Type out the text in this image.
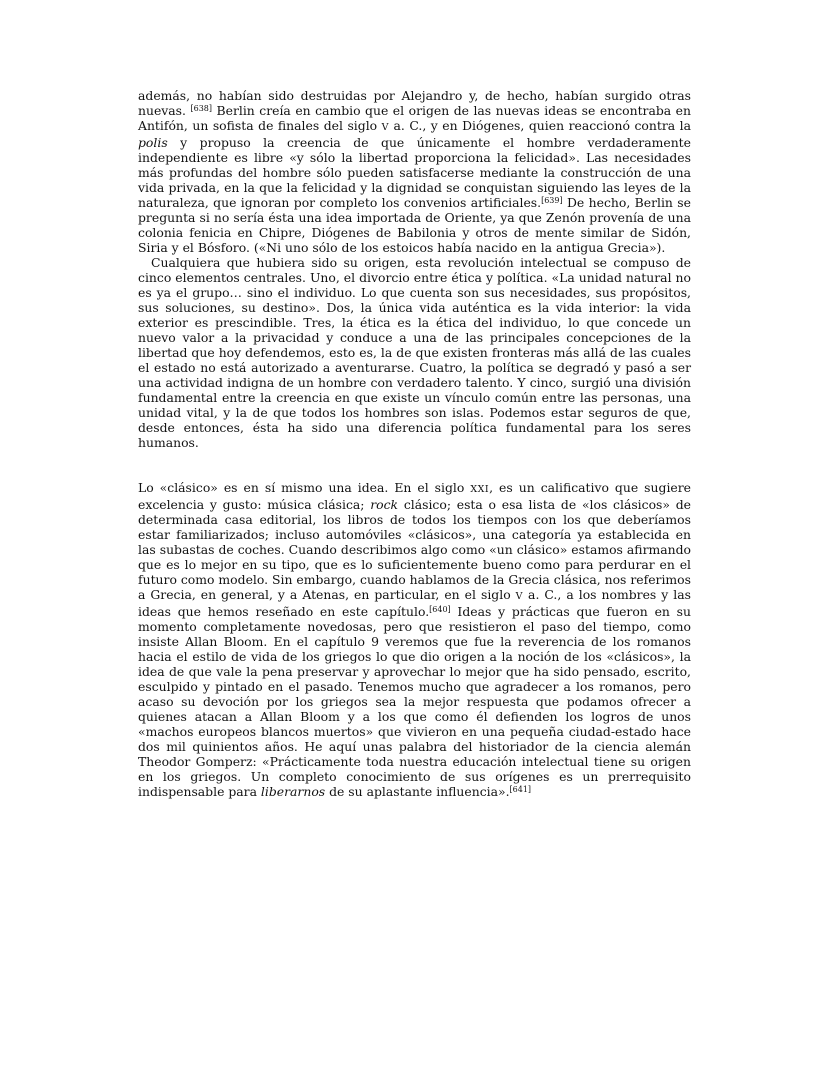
además, no habían sido destruidas por Alejandro y, de hecho, habían surgido otras nuevas. [638] Berlin creía en cambio que el origen de las nuevas ideas se encontraba en Antifón, un sofista de finales del siglo V a. C., y en Diógenes, quien reaccionó contra la polis y propuso la creencia de que únicamente el hombre verdaderamente independiente es libre «y sólo la libertad proporciona la felicidad». Las necesidades más profundas del hombre sólo pueden satisfacerse mediante la construcción de una vida privada, en la que la felicidad y la dignidad se conquistan siguiendo las leyes de la naturaleza, que ignoran por completo los convenios artificiales.[639] De hecho, Berlin se pregunta si no sería ésta una idea importada de Oriente, ya que Zenón provenía de una colonia fenicia en Chipre, Diógenes de Babilonia y otros de mente similar de Sidón, Siria y el Bósforo. («Ni uno sólo de los estoicos había nacido en la antigua Grecia»).

Cualquiera que hubiera sido su origen, esta revolución intelectual se compuso de cinco elementos centrales. Uno, el divorcio entre ética y política. «La unidad natural no es ya el grupo… sino el individuo. Lo que cuenta son sus necesidades, sus propósitos, sus soluciones, su destino». Dos, la única vida auténtica es la vida interior: la vida exterior es prescindible. Tres, la ética es la ética del individuo, lo que concede un nuevo valor a la privacidad y conduce a una de las principales concepciones de la libertad que hoy defendemos, esto es, la de que existen fronteras más allá de las cuales el estado no está autorizado a aventurarse. Cuatro, la política se degradó y pasó a ser una actividad indigna de un hombre con verdadero talento. Y cinco, surgió una división fundamental entre la creencia en que existe un vínculo común entre las personas, una unidad vital, y la de que todos los hombres son islas. Podemos estar seguros de que, desde entonces, ésta ha sido una diferencia política fundamental para los seres humanos.

Lo «clásico» es en sí mismo una idea. En el siglo XXI, es un calificativo que sugiere excelencia y gusto: música clásica; rock clásico; esta o esa lista de «los clásicos» de determinada casa editorial, los libros de todos los tiempos con los que deberíamos estar familiarizados; incluso automóviles «clásicos», una categoría ya establecida en las subastas de coches. Cuando describimos algo como «un clásico» estamos afirmando que es lo mejor en su tipo, que es lo suficientemente bueno como para perdurar en el futuro como modelo. Sin embargo, cuando hablamos de la Grecia clásica, nos referimos a Grecia, en general, y a Atenas, en particular, en el siglo V a. C., a los nombres y las ideas que hemos reseñado en este capítulo.[640] Ideas y prácticas que fueron en su momento completamente novedosas, pero que resistieron el paso del tiempo, como insiste Allan Bloom. En el capítulo 9 veremos que fue la reverencia de los romanos hacia el estilo de vida de los griegos lo que dio origen a la noción de los «clásicos», la idea de que vale la pena preservar y aprovechar lo mejor que ha sido pensado, escrito, esculpido y pintado en el pasado. Tenemos mucho que agradecer a los romanos, pero acaso su devoción por los griegos sea la mejor respuesta que podamos ofrecer a quienes atacan a Allan Bloom y a los que como él defienden los logros de unos «machos europeos blancos muertos» que vivieron en una pequeña ciudad-estado hace dos mil quinientos años. He aquí unas palabra del historiador de la ciencia alemán Theodor Gomperz: «Prácticamente toda nuestra educación intelectual tiene su origen en los griegos. Un completo conocimiento de sus orígenes es un prerrequisito indispensable para liberarnos de su aplastante influencia».[641]
